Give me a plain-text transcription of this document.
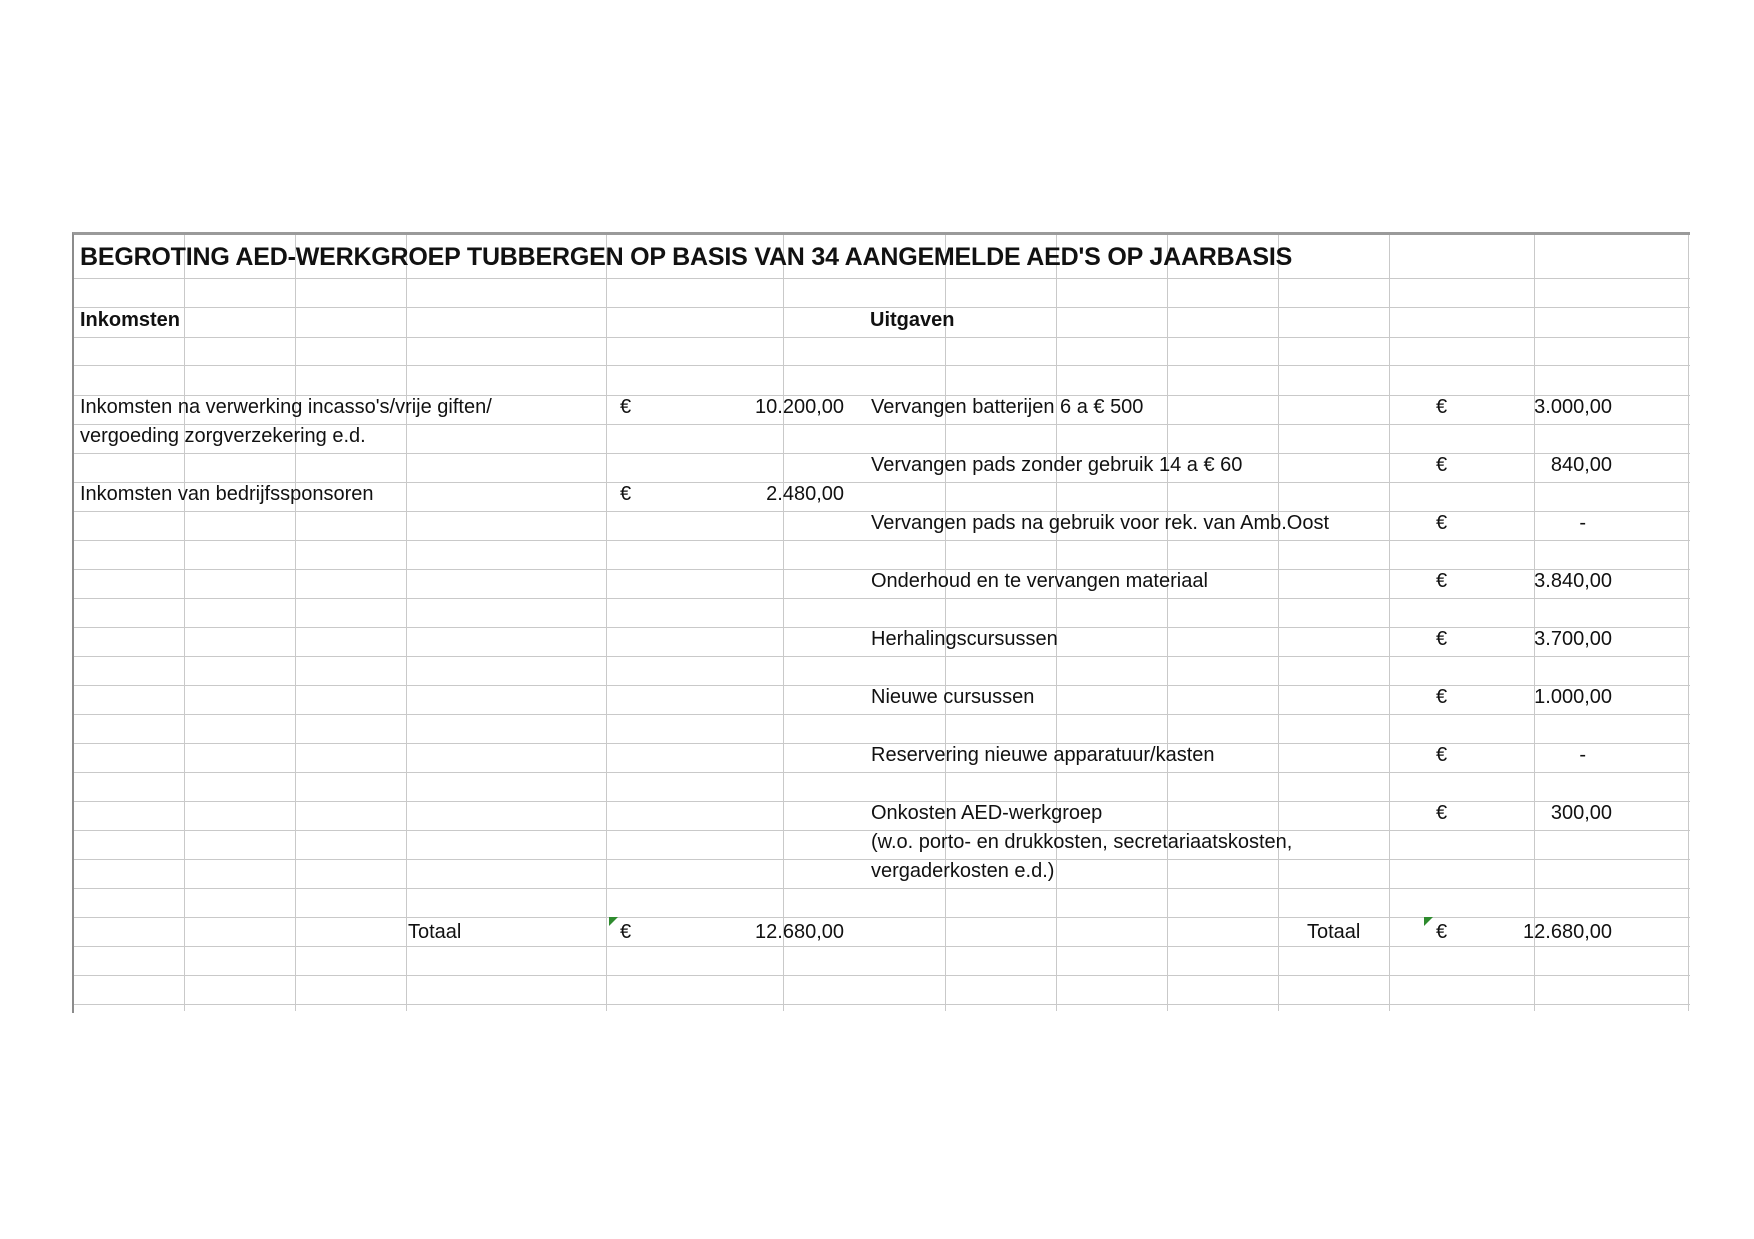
BEGROTING AED-WERKGROEP TUBBERGEN OP BASIS VAN 34 AANGEMELDE AED'S OP JAARBASIS
Inkomsten
Inkomsten na verwerking incasso's/vrije giften/
vergoeding zorgverzekering e.d.
€	10.200,00
Inkomsten van bedrijfssponsoren	€	2.480,00
Totaal	€	12.680,00
Uitgaven
Vervangen batterijen 6 a € 500	€	3.000,00
Vervangen pads zonder gebruik 14 a € 60	€	840,00
Vervangen pads na gebruik voor rek. van Amb.Oost	€	-
Onderhoud en te vervangen materiaal	€	3.840,00
Herhalingscursussen	€	3.700,00
Nieuwe cursussen	€	1.000,00
Reservering nieuwe apparatuur/kasten	€	-
Onkosten AED-werkgroep	€	300,00
(w.o. porto- en drukkosten, secretariaatskosten,
vergaderkosten e.d.)
Totaal	€	12.680,00
